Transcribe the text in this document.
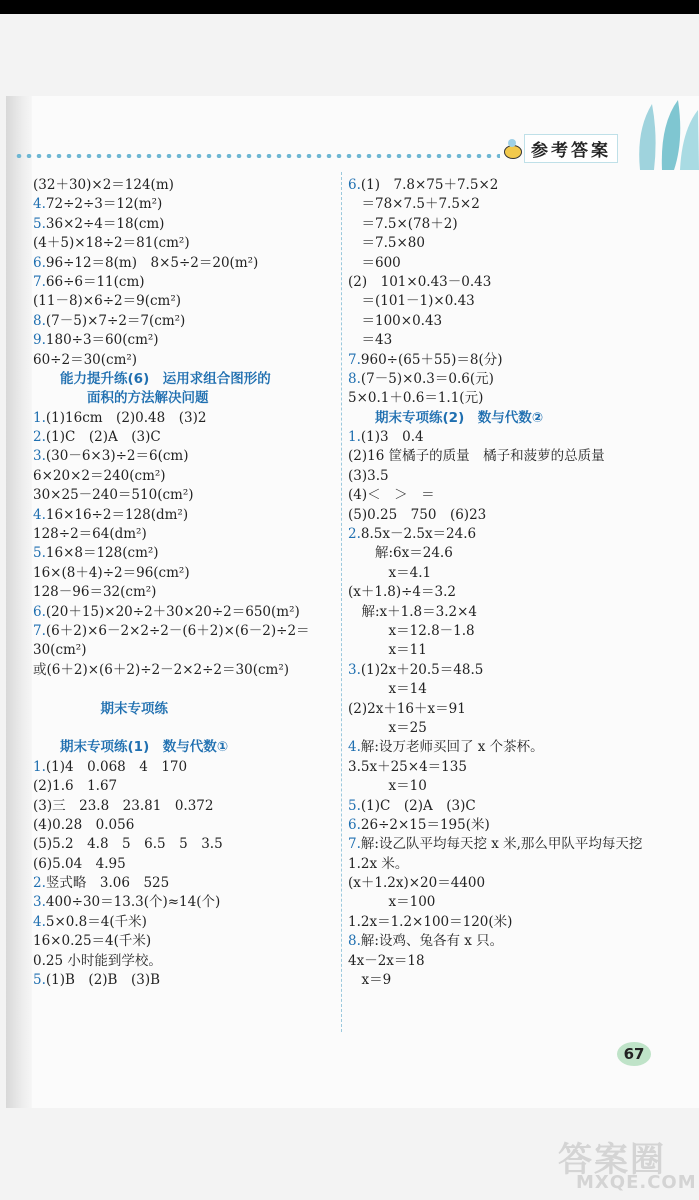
参考答案
(32＋30)×2＝124(m)
4.72÷2÷3＝12(m²)
5.36×2÷4＝18(cm)
(4＋5)×18÷2＝81(cm²)
6.96÷12＝8(m)　8×5÷2＝20(m²)
7.66÷6＝11(cm)
(11－8)×6÷2＝9(cm²)
8.(7－5)×7÷2＝7(cm²)
9.180÷3＝60(cm²)
60÷2＝30(cm²)
　　能力提升练(6)　运用求组合图形的
　　　　面积的方法解决问题
1.(1)16cm　(2)0.48　(3)2
2.(1)C　(2)A　(3)C
3.(30－6×3)÷2＝6(cm)
6×20×2＝240(cm²)
30×25－240＝510(cm²)
4.16×16÷2＝128(dm²)
128÷2＝64(dm²)
5.16×8＝128(cm²)
16×(8＋4)÷2＝96(cm²)
128－96＝32(cm²)
6.(20＋15)×20÷2＋30×20÷2＝650(m²)
7.(6＋2)×6－2×2÷2－(6＋2)×(6－2)÷2＝
30(cm²)
或(6＋2)×(6＋2)÷2－2×2÷2＝30(cm²)
　　　　　期末专项练
　　期末专项练(1)　数与代数①
1.(1)4　0.068　4　170
(2)1.6　1.67
(3)三　23.8　23.81　0.372
(4)0.28　0.056
(5)5.2　4.8　5　6.5　5　3.5
(6)5.04　4.95
2.竖式略　3.06　525
3.400÷30＝13.3(个)≈14(个)
4.5×0.8＝4(千米)
16×0.25＝4(千米)
0.25 小时能到学校。
5.(1)B　(2)B　(3)B
6.(1)　7.8×75＋7.5×2
　＝78×7.5＋7.5×2
　＝7.5×(78＋2)
　＝7.5×80
　＝600
(2)　101×0.43－0.43
　＝(101－1)×0.43
　＝100×0.43
　＝43
7.960÷(65＋55)＝8(分)
8.(7－5)×0.3＝0.6(元)
5×0.1＋0.6＝1.1(元)
　　期末专项练(2)　数与代数②
1.(1)3　0.4
(2)16 筐橘子的质量　橘子和菠萝的总质量
(3)3.5
(4)＜　＞　＝
(5)0.25　750　(6)23
2.8.5x－2.5x＝24.6
　　解:6x＝24.6
　　　x＝4.1
(x＋1.8)÷4＝3.2
　解:x＋1.8＝3.2×4
　　　x＝12.8－1.8
　　　x＝11
3.(1)2x＋20.5＝48.5
　　　x＝14
(2)2x＋16＋x＝91
　　　x＝25
4.解:设万老师买回了 x 个茶杯。
3.5x＋25×4＝135
　　　x＝10
5.(1)C　(2)A　(3)C
6.26÷2×15＝195(米)
7.解:设乙队平均每天挖 x 米,那么甲队平均每天挖
1.2x 米。
(x＋1.2x)×20＝4400
　　　x＝100
1.2x＝1.2×100＝120(米)
8.解:设鸡、兔各有 x 只。
4x－2x＝18
　x＝9
67
答案圈
MXQE.COM
